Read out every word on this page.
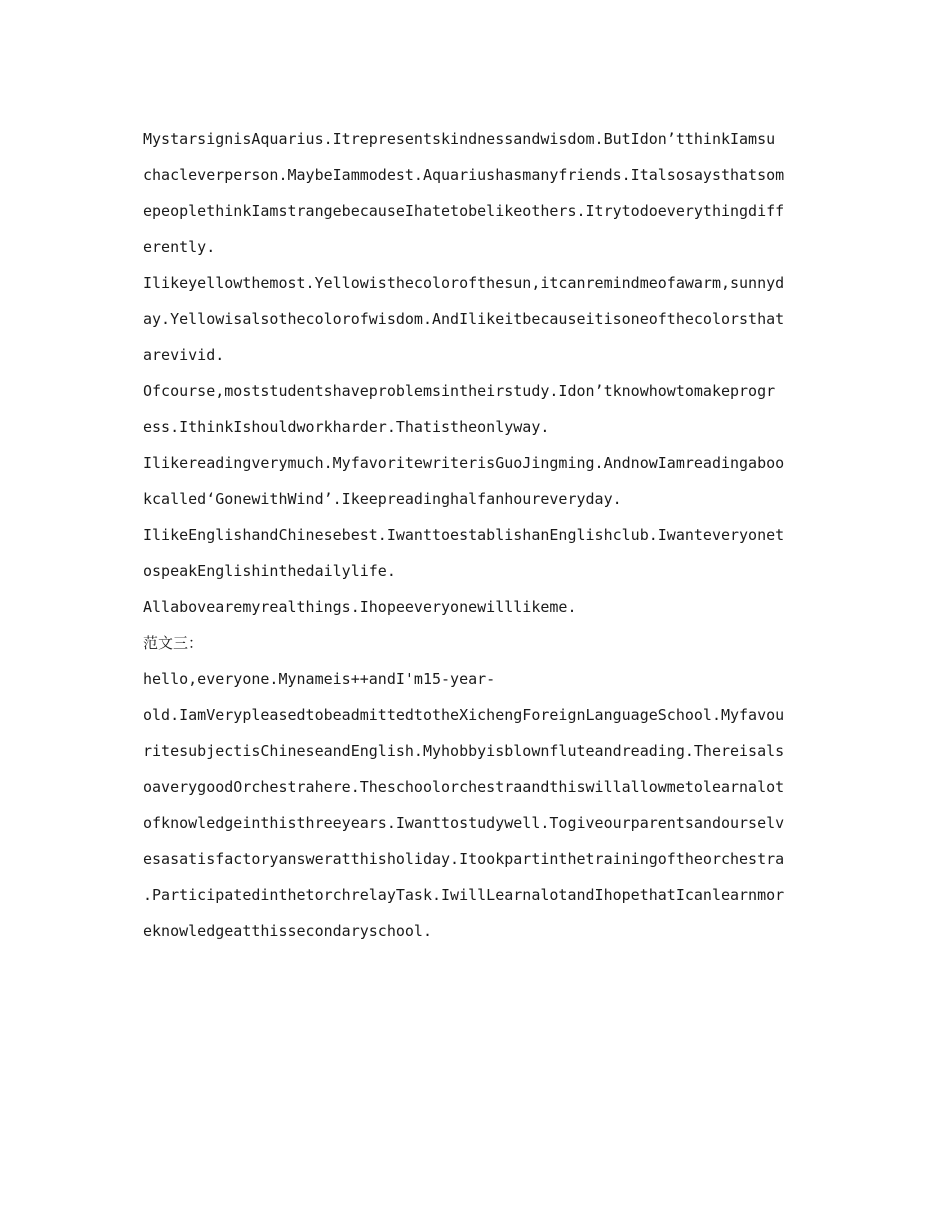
MystarsignisAquarius.Itrepresentskindnessandwisdom.ButIdon’tthinkIamsu
chacleverperson.MaybeIammodest.Aquariushasmanyfriends.Italsosaysthatsom
epeoplethinkIamstrangebecauseIhatetobelikeothers.Itrytodoeverythingdiff
erently.
Ilikeyellowthemost.Yellowisthecolorofthesun,itcanremindmeofawarm,sunnyd
ay.Yellowisalsothecolorofwisdom.AndIlikeitbecauseitisoneofthecolorsthat
arevivid.
Ofcourse,moststudentshaveproblemsintheirstudy.Idon’tknowhowtomakeprogr
ess.IthinkIshouldworkharder.Thatistheonlyway.
Ilikereadingverymuch.MyfavoritewriterisGuoJingming.AndnowIamreadingaboo
kcalled‘GonewithWind’.Ikeepreadinghalfanhoureveryday.
IlikeEnglishandChinesebest.IwanttoestablishanEnglishclub.Iwanteveryonet
ospeakEnglishinthedailylife.
Allabovearemyrealthings.Ihopeeveryonewilllikeme.
范文三：
hello,everyone.Mynameis++andI'm15-year-
old.IamVerypleasedtobeadmittedtotheXichengForeignLanguageSchool.Myfavou
ritesubjectisChineseandEnglish.Myhobbyisblownfluteandreading.Thereisals
oaverygoodOrchestrahere.Theschoolorchestraandthiswillallowmetolearnalot
ofknowledgeinthisthreeyears.Iwanttostudywell.Togiveourparentsandourselv
esasatisfactoryansweratthisholiday.Itookpartinthetrainingoftheorchestra
.ParticipatedinthetorchrelayTask.IwillLearnalotandIhopethatIcanlearnmor
eknowledgeatthissecondaryschool.
